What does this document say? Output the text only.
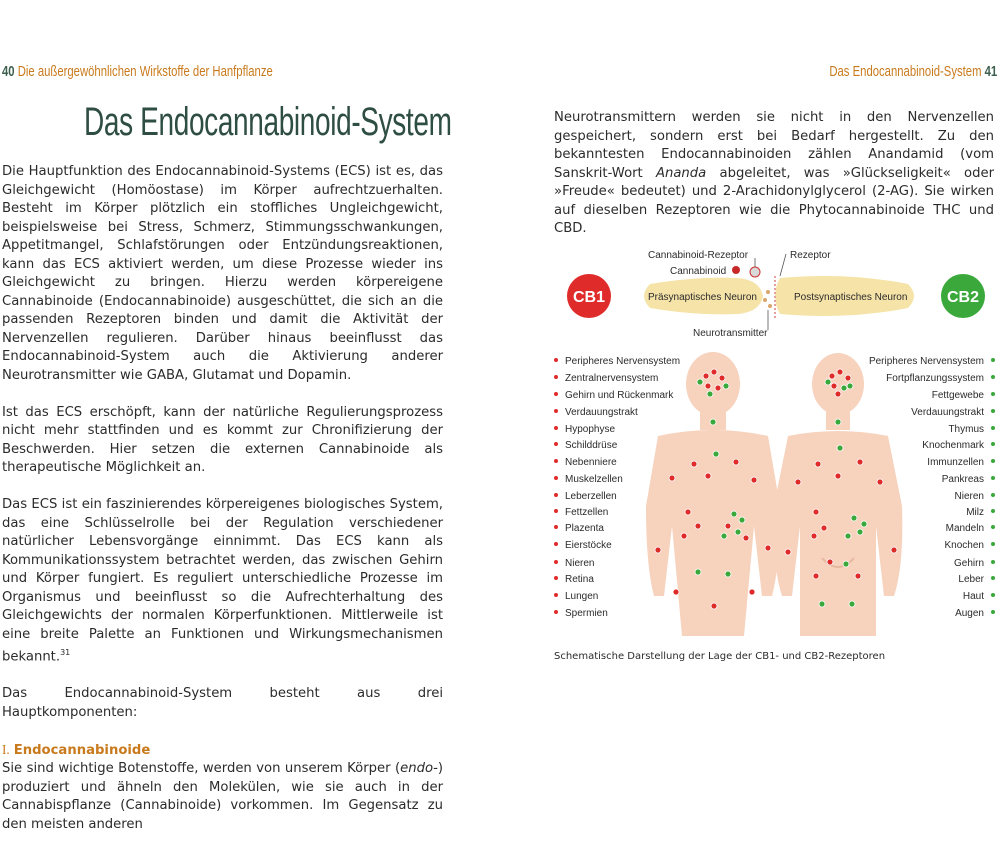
40 Die außergewöhnlichen Wirkstoffe der Hanfpflanze	Das Endocannabinoid-System 41
Das Endocannabinoid-System

Die Hauptfunktion des Endocannabinoid-Systems (ECS) ist es, das Gleichgewicht (Homöostase) im Körper aufrechtzuerhalten. Besteht im Körper plötzlich ein stoffliches Ungleichgewicht, beispielsweise bei Stress, Schmerz, Stimmungsschwankungen, Appetitmangel, Schlafstörungen oder Entzündungsreaktionen, kann das ECS aktiviert werden, um diese Prozesse wieder ins Gleichgewicht zu bringen. Hierzu werden körpereigene Cannabinoide (Endocannabinoide) ausgeschüttet, die sich an die passenden Rezeptoren binden und damit die Aktivität der Nervenzellen regulieren. Darüber hinaus beeinflusst das Endocannabinoid-System auch die Aktivierung anderer Neurotransmitter wie GABA, Glutamat und Dopamin.

Ist das ECS erschöpft, kann der natürliche Regulierungsprozess nicht mehr stattfinden und es kommt zur Chronifizierung der Beschwerden. Hier setzen die externen Cannabinoide als therapeutische Möglichkeit an.

Das ECS ist ein faszinierendes körpereigenes biologisches System, das eine Schlüsselrolle bei der Regulation verschiedener natürlicher Lebensvorgänge einnimmt. Das ECS kann als Kommunikationssystem betrachtet werden, das zwischen Gehirn und Körper fungiert. Es reguliert unterschiedliche Prozesse im Organismus und beeinflusst so die Aufrechterhaltung des Gleichgewichts der normalen Körperfunktionen. Mittlerweile ist eine breite Palette an Funktionen und Wirkungsmechanismen bekannt.$^{31}$

Das Endocannabinoid-System besteht aus drei Hauptkomponenten:

I. Endocannabinoide

Sie sind wichtige Botenstoffe, werden von unserem Körper (endo-) produziert und ähneln den Molekülen, wie sie auch in der Cannabispflanze (Cannabinoide) vorkommen. Im Gegensatz zu den meisten anderen

Neurotransmittern werden sie nicht in den Nervenzellen gespeichert, sondern erst bei Bedarf hergestellt. Zu den bekanntesten Endocannabinoiden zählen Anandamid (vom Sanskrit-Wort Ananda abgeleitet, was »Glückseligkeit« oder »Freude« bedeutet) und 2-Arachidonylglycerol (2-AG). Sie wirken auf dieselben Rezeptoren wie die Phytocannabinoide THC und CBD.

Cannabinoid-Rezeptor
Cannabinoid
Rezeptor
Präsynaptisches Neuron	Postsynaptisches Neuron
Neurotransmitter
CB1	CB2
Peripheres Nervensystem
Zentralnervensystem
Gehirn und Rückenmark
Verdauungstrakt
Hypophyse
Schilddrüse
Nebenniere
Muskelzellen
Leberzellen
Fettzellen
Plazenta
Eierstöcke
Nieren
Retina
Lungen
Spermien
Peripheres Nervensystem
Fortpflanzungssystem
Fettgewebe
Verdauungstrakt
Thymus
Knochenmark
Immunzellen
Pankreas
Nieren
Milz
Mandeln
Knochen
Gehirn
Leber
Haut
Augen
Schematische Darstellung der Lage der CB1- und CB2-Rezeptoren
